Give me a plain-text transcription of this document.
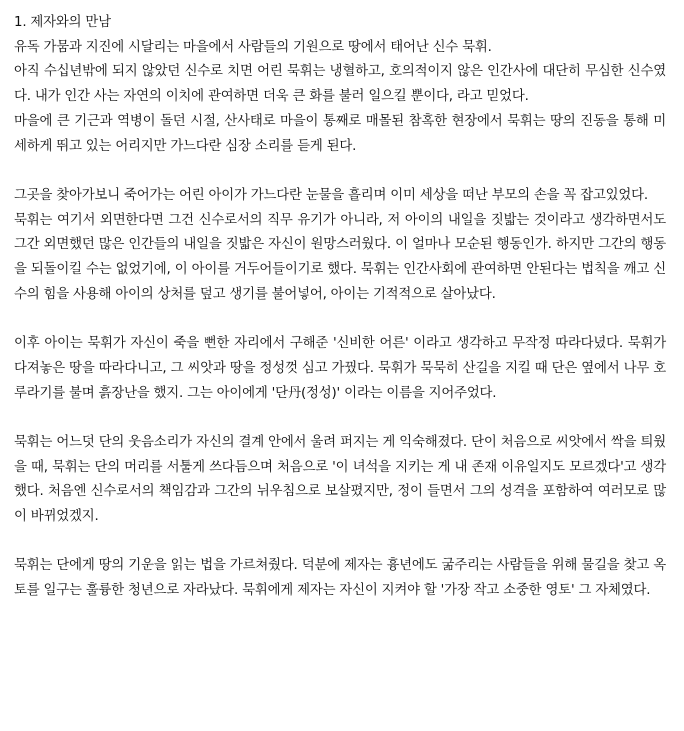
1. 제자와의 만남

유독 가뭄과 지진에 시달리는 마을에서 사람들의 기원으로 땅에서 태어난 신수 묵휘.

아직 수십년밖에 되지 않았던 신수로 치면 어린 묵휘는 냉혈하고, 호의적이지 않은 인간사에 대단히 무심한 신수였다. 내가 인간 사는 자연의 이치에 관여하면 더욱 큰 화를 불러 일으킬 뿐이다, 라고 믿었다.

마을에 큰 기근과 역병이 돌던 시절, 산사태로 마을이 통째로 매몰된 참혹한 현장에서 묵휘는 땅의 진동을 통해 미세하게 뛰고 있는 어리지만 가느다란 심장 소리를 듣게 된다.

그곳을 찾아가보니 죽어가는 어린 아이가 가느다란 눈물을 흘리며 이미 세상을 떠난 부모의 손을 꼭 잡고있었다.

묵휘는 여기서 외면한다면 그건 신수로서의 직무 유기가 아니라, 저 아이의 내일을 짓밟는 것이라고 생각하면서도 그간 외면했던 많은 인간들의 내일을 짓밟은 자신이 원망스러웠다. 이 얼마나 모순된 행동인가. 하지만 그간의 행동을 되돌이킬 수는 없었기에, 이 아이를 거두어들이기로 했다. 묵휘는 인간사회에 관여하면 안된다는 법칙을 깨고 신수의 힘을 사용해 아이의 상처를 덮고 생기를 불어넣어, 아이는 기적적으로 살아났다.

이후 아이는 묵휘가 자신이 죽을 뻔한 자리에서 구해준 '신비한 어른' 이라고 생각하고 무작정 따라다녔다. 묵휘가 다져놓은 땅을 따라다니고, 그 씨앗과 땅을 정성껏 심고 가꿨다. 묵휘가 묵묵히 산길을 지킬 때 단은 옆에서 나무 호루라기를 불며 흙장난을 했지. 그는 아이에게 '단丹(정성)' 이라는 이름을 지어주었다.

묵휘는 어느덧 단의 웃음소리가 자신의 결계 안에서 울려 퍼지는 게 익숙해졌다. 단이 처음으로 씨앗에서 싹을 틔웠을 때, 묵휘는 단의 머리를 서툴게 쓰다듬으며 처음으로 '이 녀석을 지키는 게 내 존재 이유일지도 모르겠다'고 생각했다. 처음엔 신수로서의 책임감과 그간의 뉘우침으로 보살폈지만, 정이 들면서 그의 성격을 포함하여 여러모로 많이 바뀌었겠지.

묵휘는 단에게 땅의 기운을 읽는 법을 가르쳐줬다. 덕분에 제자는 흉년에도 굶주리는 사람들을 위해 물길을 찾고 옥토를 일구는 훌륭한 청년으로 자라났다. 묵휘에게 제자는 자신이 지켜야 할 '가장 작고 소중한 영토' 그 자체였다.
